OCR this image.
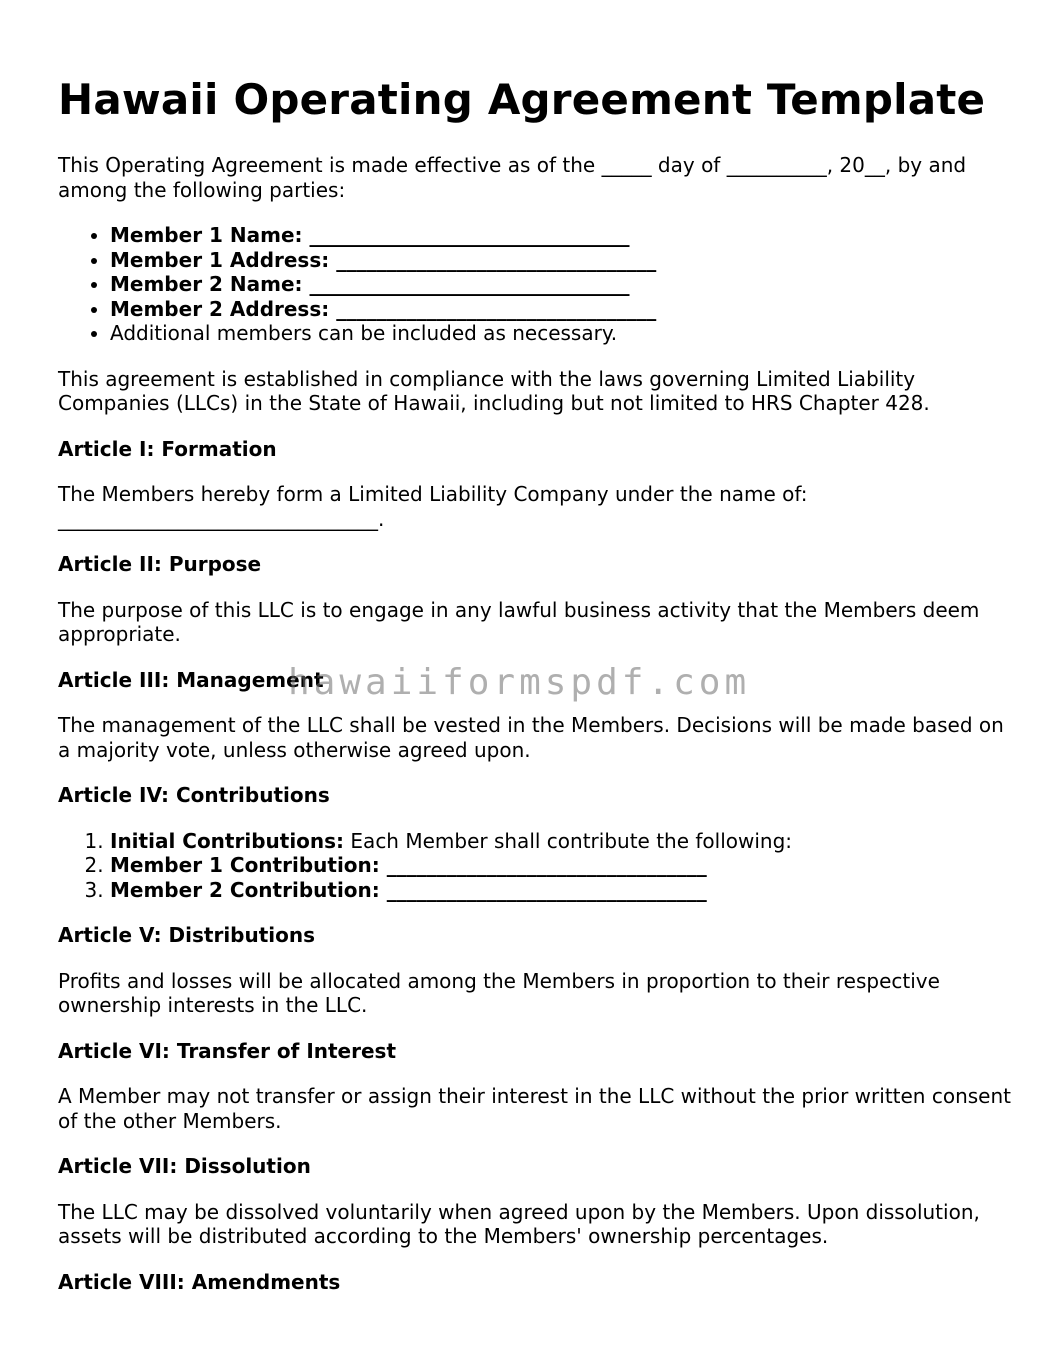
Hawaii Operating Agreement Template

This Operating Agreement is made effective as of the _____ day of __________, 20__, by and among the following parties:

• Member 1 Name: ________________________________
• Member 1 Address: ________________________________
• Member 2 Name: ________________________________
• Member 2 Address: ________________________________
• Additional members can be included as necessary.

This agreement is established in compliance with the laws governing Limited Liability Companies (LLCs) in the State of Hawaii, including but not limited to HRS Chapter 428.

Article I: Formation

The Members hereby form a Limited Liability Company under the name of: ________________________________.

Article II: Purpose

The purpose of this LLC is to engage in any lawful business activity that the Members deem appropriate.

Article III: Management

The management of the LLC shall be vested in the Members. Decisions will be made based on a majority vote, unless otherwise agreed upon.

Article IV: Contributions
1. Initial Contributions: Each Member shall contribute the following:
2. Member 1 Contribution: ________________________________
3. Member 2 Contribution: ________________________________
Article V: Distributions

Profits and losses will be allocated among the Members in proportion to their respective ownership interests in the LLC.

Article VI: Transfer of Interest

A Member may not transfer or assign their interest in the LLC without the prior written consent of the other Members.

Article VII: Dissolution

The LLC may be dissolved voluntarily when agreed upon by the Members. Upon dissolution, assets will be distributed according to the Members' ownership percentages.

Article VIII: Amendments
hawaiiformspdf.com
